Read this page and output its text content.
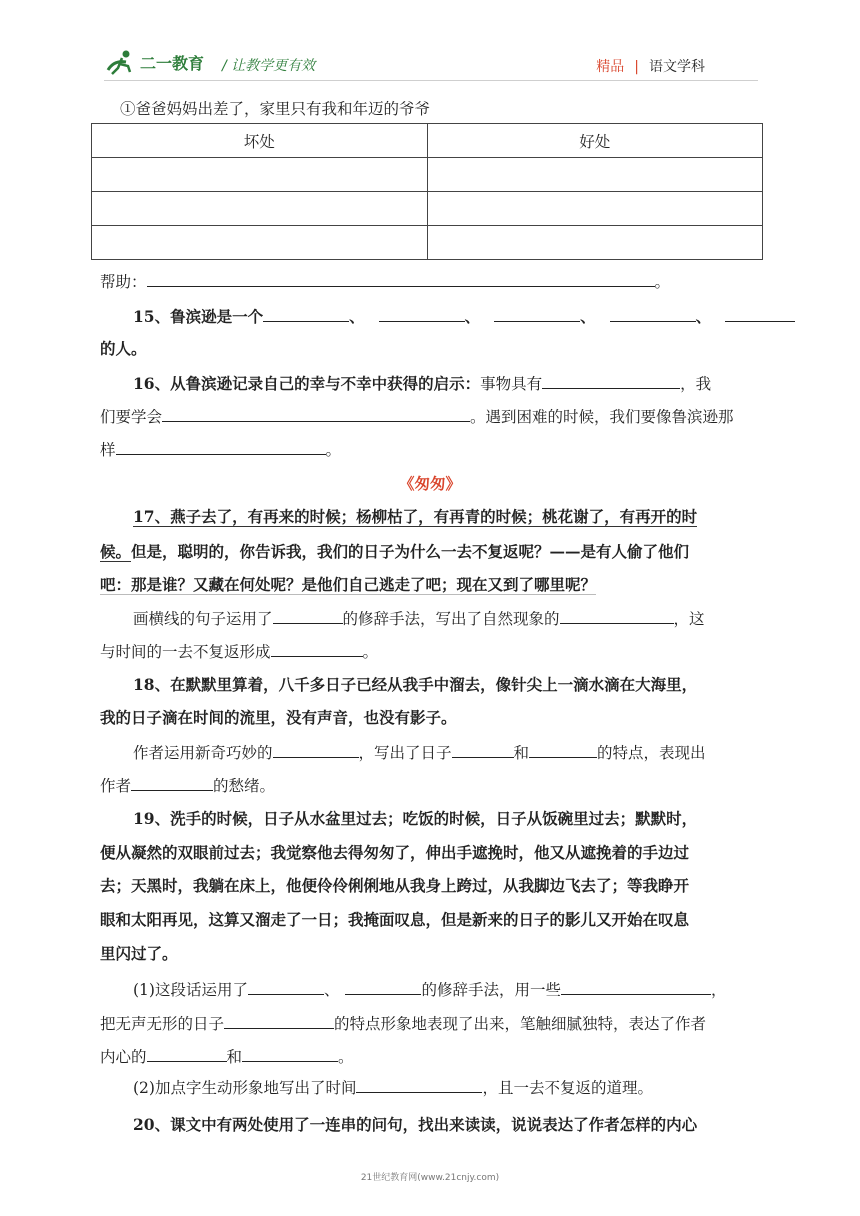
二一教育 / 让教学更有效	精品 | 语文学科
①爸爸妈妈出差了，家里只有我和年迈的爷爷
坏处	好处

帮助：	。
15、鲁滨逊是一个	、	、	、	、
的人。
16、从鲁滨逊记录自己的幸与不幸中获得的启示：事物具有	，我
们要学会	。遇到困难的时候，我们要像鲁滨逊那
样	。
《匆匆》
17、燕子去了，有再来的时候；杨柳枯了，有再青的时候；桃花谢了，有再开的时
候。但是，聪明的，你告诉我，我们的日子为什么一去不复返呢？——是有人偷了他们
吧：那是谁？又藏在何处呢？是他们自己逃走了吧；现在又到了哪里呢？
画横线的句子运用了	的修辞手法，写出了自然现象的	，这
与时间的一去不复返形成	。
18、在默默里算着，八千多日子已经从我手中溜去，像针尖上一滴水滴在大海里，
我的日子滴在时间的流里，没有声音，也没有影子。
作者运用新奇巧妙的	，写出了日子	和	的特点，表现出
作者	的愁绪。
19、洗手的时候，日子从水盆里过去；吃饭的时候，日子从饭碗里过去；默默时，
便从凝然的双眼前过去；我觉察他去得匆匆了，伸出手遮挽时，他又从遮挽着的手边过
去；天黑时，我躺在床上，他便伶伶俐俐地从我身上跨过，从我脚边飞去了；等我睁开
眼和太阳再见，这算又溜走了一日；我掩面叹息，但是新来的日子的影儿又开始在叹息
里闪过了。
(1)这段话运用了	、	的修辞手法，用一些	，
把无声无形的日子	的特点形象地表现了出来，笔触细腻独特，表达了作者
内心的	和	。
(2)加点字生动形象地写出了时间	，且一去不复返的道理。
20、课文中有两处使用了一连串的问句，找出来读读，说说表达了作者怎样的内心
21世纪教育网(www.21cnjy.com)
